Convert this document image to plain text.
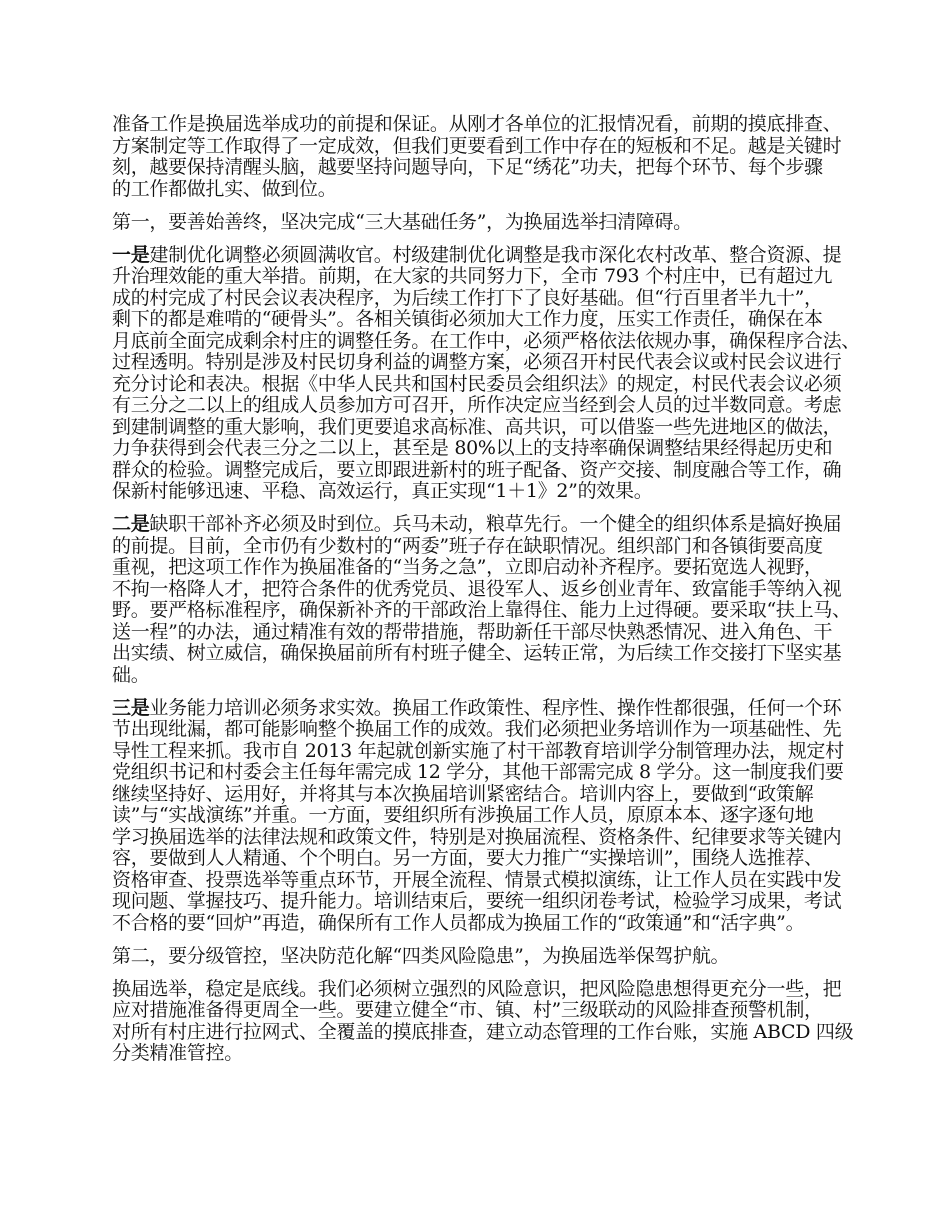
准备工作是换届选举成功的前提和保证。从刚才各单位的汇报情况看，前期的摸底排查、
方案制定等工作取得了一定成效，但我们更要看到工作中存在的短板和不足。越是关键时
刻，越要保持清醒头脑，越要坚持问题导向，下足“绣花”功夫，把每个环节、每个步骤
的工作都做扎实、做到位。
第一，要善始善终，坚决完成“三大基础任务”，为换届选举扫清障碍。
一是建制优化调整必须圆满收官。村级建制优化调整是我市深化农村改革、整合资源、提
升治理效能的重大举措。前期，在大家的共同努力下，全市 793 个村庄中，已有超过九
成的村完成了村民会议表决程序，为后续工作打下了良好基础。但“行百里者半九十”，
剩下的都是难啃的“硬骨头”。各相关镇街必须加大工作力度，压实工作责任，确保在本
月底前全面完成剩余村庄的调整任务。在工作中，必须严格依法依规办事，确保程序合法、
过程透明。特别是涉及村民切身利益的调整方案，必须召开村民代表会议或村民会议进行
充分讨论和表决。根据《中华人民共和国村民委员会组织法》的规定，村民代表会议必须
有三分之二以上的组成人员参加方可召开，所作决定应当经到会人员的过半数同意。考虑
到建制调整的重大影响，我们更要追求高标准、高共识，可以借鉴一些先进地区的做法，
力争获得到会代表三分之二以上，甚至是 80%以上的支持率确保调整结果经得起历史和
群众的检验。调整完成后，要立即跟进新村的班子配备、资产交接、制度融合等工作，确
保新村能够迅速、平稳、高效运行，真正实现“1＋1》2”的效果。
二是缺职干部补齐必须及时到位。兵马未动，粮草先行。一个健全的组织体系是搞好换届
的前提。目前，全市仍有少数村的“两委”班子存在缺职情况。组织部门和各镇街要高度
重视，把这项工作作为换届准备的“当务之急”，立即启动补齐程序。要拓宽选人视野，
不拘一格降人才，把符合条件的优秀党员、退役军人、返乡创业青年、致富能手等纳入视
野。要严格标准程序，确保新补齐的干部政治上靠得住、能力上过得硬。要采取“扶上马、
送一程”的办法，通过精准有效的帮带措施，帮助新任干部尽快熟悉情况、进入角色、干
出实绩、树立威信，确保换届前所有村班子健全、运转正常，为后续工作交接打下坚实基
础。
三是业务能力培训必须务求实效。换届工作政策性、程序性、操作性都很强，任何一个环
节出现纰漏，都可能影响整个换届工作的成效。我们必须把业务培训作为一项基础性、先
导性工程来抓。我市自 2013 年起就创新实施了村干部教育培训学分制管理办法，规定村
党组织书记和村委会主任每年需完成 12 学分，其他干部需完成 8 学分。这一制度我们要
继续坚持好、运用好，并将其与本次换届培训紧密结合。培训内容上，要做到“政策解
读”与“实战演练”并重。一方面，要组织所有涉换届工作人员，原原本本、逐字逐句地
学习换届选举的法律法规和政策文件，特别是对换届流程、资格条件、纪律要求等关键内
容，要做到人人精通、个个明白。另一方面，要大力推广“实操培训”，围绕人选推荐、
资格审查、投票选举等重点环节，开展全流程、情景式模拟演练，让工作人员在实践中发
现问题、掌握技巧、提升能力。培训结束后，要统一组织闭卷考试，检验学习成果，考试
不合格的要“回炉”再造，确保所有工作人员都成为换届工作的“政策通”和“活字典”。
第二，要分级管控，坚决防范化解“四类风险隐患”，为换届选举保驾护航。
换届选举，稳定是底线。我们必须树立强烈的风险意识，把风险隐患想得更充分一些，把
应对措施准备得更周全一些。要建立健全“市、镇、村”三级联动的风险排查预警机制，
对所有村庄进行拉网式、全覆盖的摸底排查，建立动态管理的工作台账，实施 ABCD 四级
分类精准管控。
